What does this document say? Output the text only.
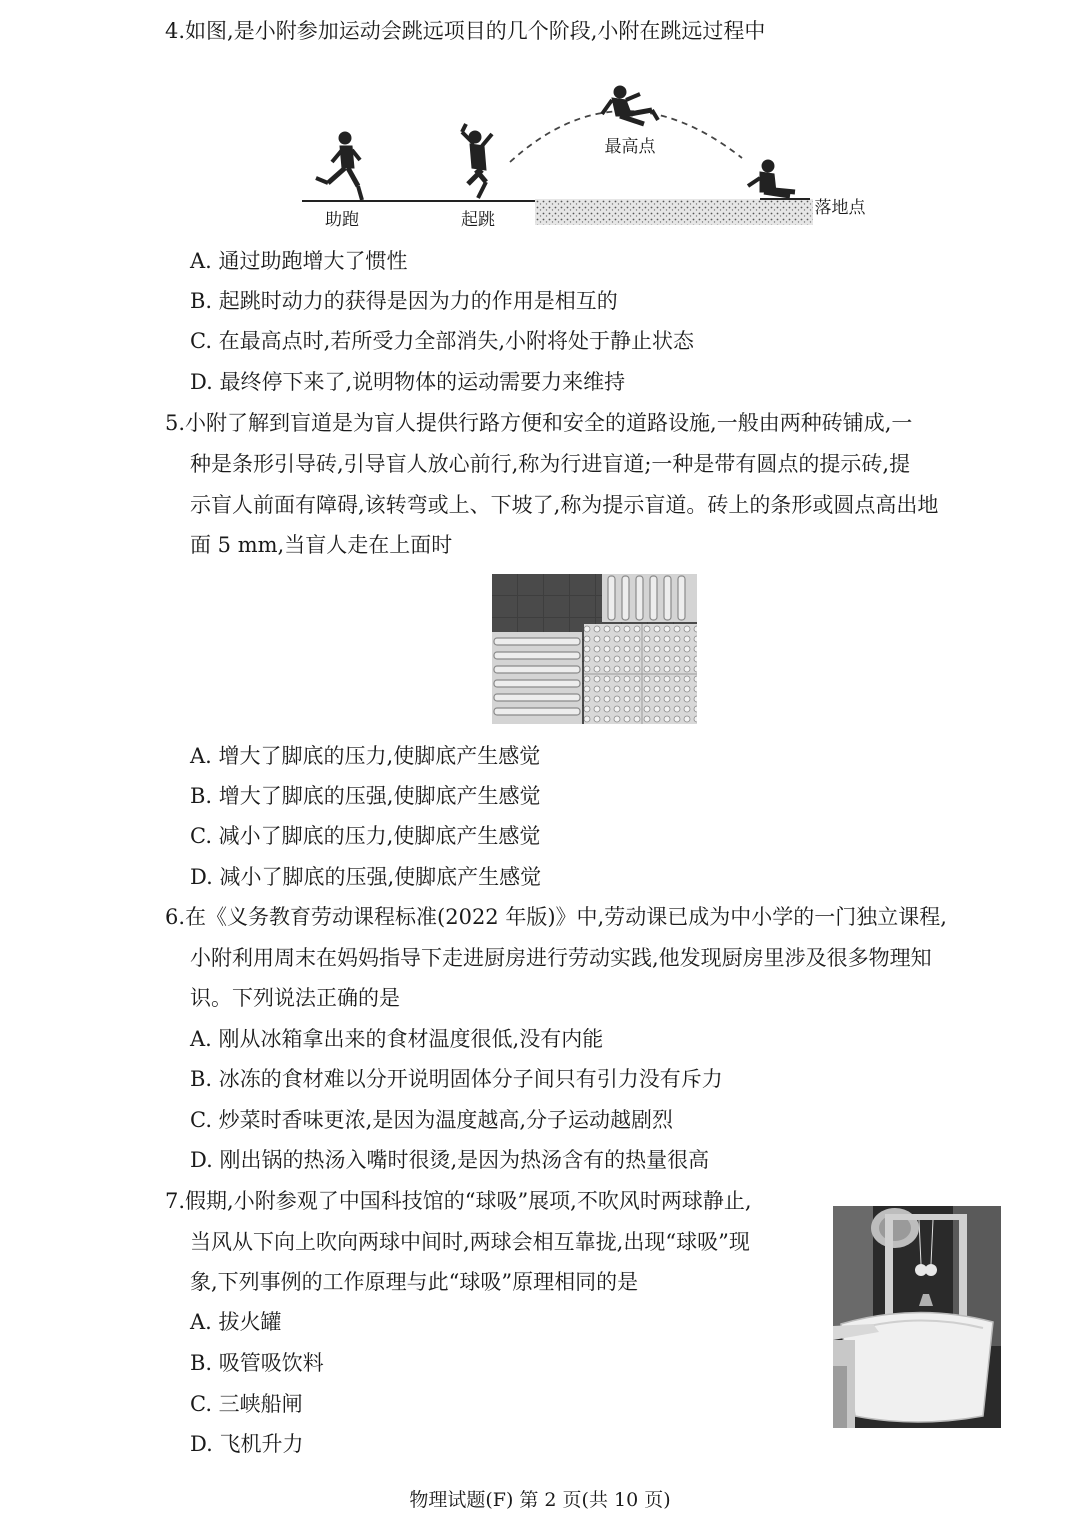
4.如图,是小附参加运动会跳远项目的几个阶段,小附在跳远过程中
助跑	起跳
最高点
落地点
A. 通过助跑增大了惯性
B. 起跳时动力的获得是因为力的作用是相互的
C. 在最高点时,若所受力全部消失,小附将处于静止状态
D. 最终停下来了,说明物体的运动需要力来维持
5.小附了解到盲道是为盲人提供行路方便和安全的道路设施,一般由两种砖铺成,一
种是条形引导砖,引导盲人放心前行,称为行进盲道;一种是带有圆点的提示砖,提
示盲人前面有障碍,该转弯或上、下坡了,称为提示盲道。砖上的条形或圆点高出地
面 5 mm,当盲人走在上面时
A. 增大了脚底的压力,使脚底产生感觉
B. 增大了脚底的压强,使脚底产生感觉
C. 减小了脚底的压力,使脚底产生感觉
D. 减小了脚底的压强,使脚底产生感觉
6.在《义务教育劳动课程标准(2022 年版)》中,劳动课已成为中小学的一门独立课程,
小附利用周末在妈妈指导下走进厨房进行劳动实践,他发现厨房里涉及很多物理知
识。下列说法正确的是
A. 刚从冰箱拿出来的食材温度很低,没有内能
B. 冰冻的食材难以分开说明固体分子间只有引力没有斥力
C. 炒菜时香味更浓,是因为温度越高,分子运动越剧烈
D. 刚出锅的热汤入嘴时很烫,是因为热汤含有的热量很高
7.假期,小附参观了中国科技馆的“球吸”展项,不吹风时两球静止,
当风从下向上吹向两球中间时,两球会相互靠拢,出现“球吸”现
象,下列事例的工作原理与此“球吸”原理相同的是
A. 拔火罐
B. 吸管吸饮料
C. 三峡船闸
D. 飞机升力
物理试题(F) 第 2 页(共 10 页)
